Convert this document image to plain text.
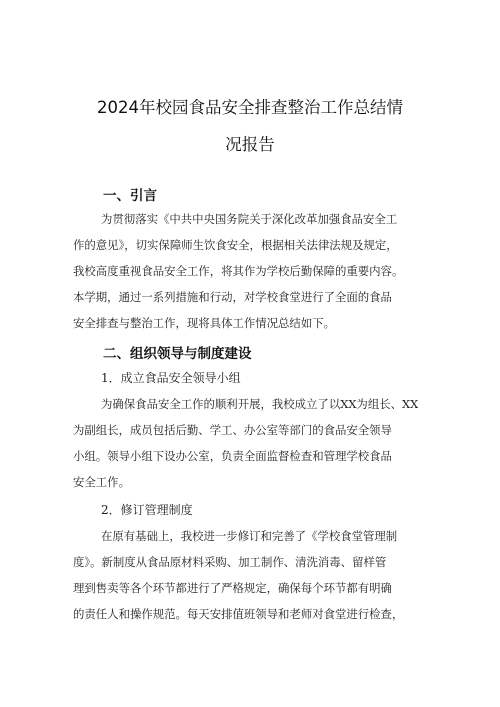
2024年校园食品安全排查整治工作总结情
况报告
一、引言
为贯彻落实《中共中央国务院关于深化改革加强食品安全工
作的意见》，切实保障师生饮食安全，根据相关法律法规及规定，
我校高度重视食品安全工作，将其作为学校后勤保障的重要内容。
本学期，通过一系列措施和行动，对学校食堂进行了全面的食品
安全排查与整治工作，现将具体工作情况总结如下。
二、组织领导与制度建设
1．成立食品安全领导小组
为确保食品安全工作的顺利开展，我校成立了以XX为组长、XX
为副组长，成员包括后勤、学工、办公室等部门的食品安全领导
小组。领导小组下设办公室，负责全面监督检查和管理学校食品
安全工作。
2．修订管理制度
在原有基础上，我校进一步修订和完善了《学校食堂管理制
度》。新制度从食品原材料采购、加工制作、清洗消毒、留样管
理到售卖等各个环节都进行了严格规定，确保每个环节都有明确
的责任人和操作规范。每天安排值班领导和老师对食堂进行检查，
